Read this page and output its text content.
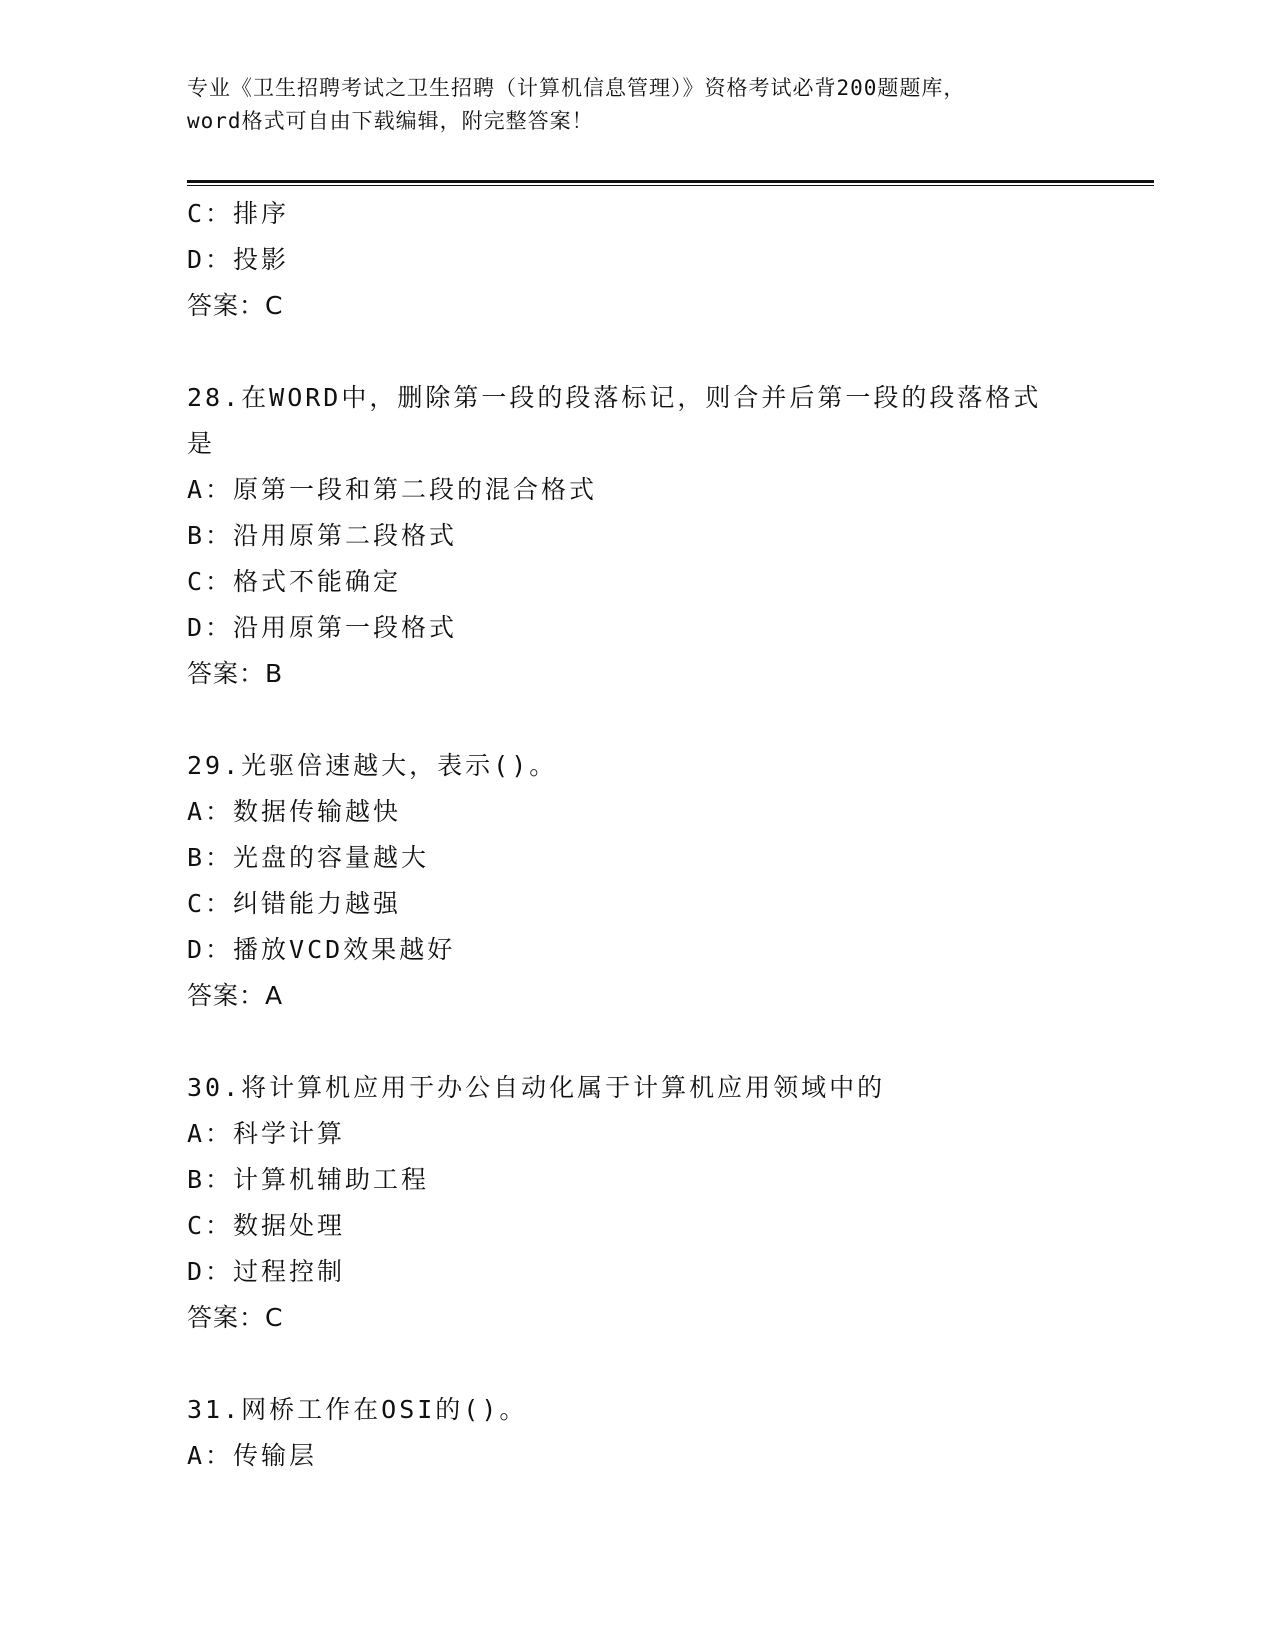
专业《卫生招聘考试之卫生招聘（计算机信息管理）》资格考试必背200题题库，
word格式可自由下载编辑，附完整答案！
C：排序
D：投影
答案：C
28.在WORD中，删除第一段的段落标记，则合并后第一段的段落格式
是
A：原第一段和第二段的混合格式
B：沿用原第二段格式
C：格式不能确定
D：沿用原第一段格式
答案：B
29.光驱倍速越大，表示()。
A：数据传输越快
B：光盘的容量越大
C：纠错能力越强
D：播放VCD效果越好
答案：A
30.将计算机应用于办公自动化属于计算机应用领域中的
A：科学计算
B：计算机辅助工程
C：数据处理
D：过程控制
答案：C
31.网桥工作在OSI的()。
A：传输层
